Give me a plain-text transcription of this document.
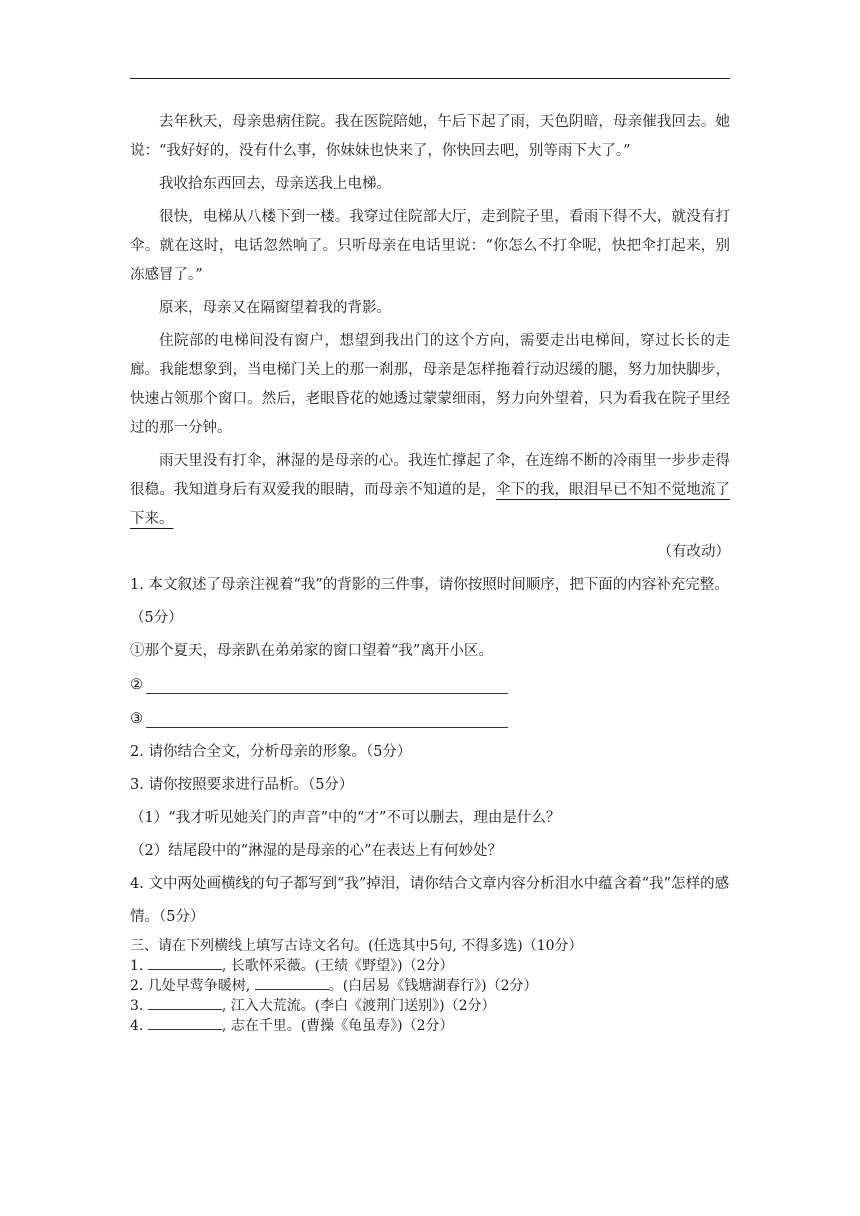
去年秋天，母亲患病住院。我在医院陪她，午后下起了雨，天色阴暗，母亲催我回去。她说：“我好好的，没有什么事，你妹妹也快来了，你快回去吧，别等雨下大了。”

我收拾东西回去，母亲送我上电梯。

很快，电梯从八楼下到一楼。我穿过住院部大厅，走到院子里，看雨下得不大，就没有打伞。就在这时，电话忽然响了。只听母亲在电话里说：“你怎么不打伞呢，快把伞打起来，别冻感冒了。”

原来，母亲又在隔窗望着我的背影。

住院部的电梯间没有窗户，想望到我出门的这个方向，需要走出电梯间，穿过长长的走廊。我能想象到，当电梯门关上的那一刹那，母亲是怎样拖着行动迟缓的腿，努力加快脚步，快速占领那个窗口。然后，老眼昏花的她透过蒙蒙细雨，努力向外望着，只为看我在院子里经过的那一分钟。

雨天里没有打伞，淋湿的是母亲的心。我连忙撑起了伞，在连绵不断的冷雨里一步步走得很稳。我知道身后有双爱我的眼睛，而母亲不知道的是，伞下的我，眼泪早已不知不觉地流了下来。

（有改动）

1. 本文叙述了母亲注视着“我”的背影的三件事，请你按照时间顺序，把下面的内容补充完整。（5分）

①那个夏天，母亲趴在弟弟家的窗口望着“我”离开小区。

②
③

2. 请你结合全文，分析母亲的形象。（5分）

3. 请你按照要求进行品析。（5分）

（1）“我才听见她关门的声音”中的“才”不可以删去，理由是什么？

（2）结尾段中的“淋湿的是母亲的心”在表达上有何妙处？

4. 文中两处画横线的句子都写到“我”掉泪，请你结合文章内容分析泪水中蕴含着“我”怎样的感情。（5分）

三、请在下列横线上填写古诗文名句。(任选其中5句, 不得多选)（10分）

1.	, 长歌怀采薇。(王绩《野望》)（2分）

2. 几处早莺争暖树,	。(白居易《钱塘湖春行》)（2分）

3.	, 江入大荒流。(李白《渡荆门送别》)（2分）

4.	, 志在千里。(曹操《龟虽寿》)（2分）
